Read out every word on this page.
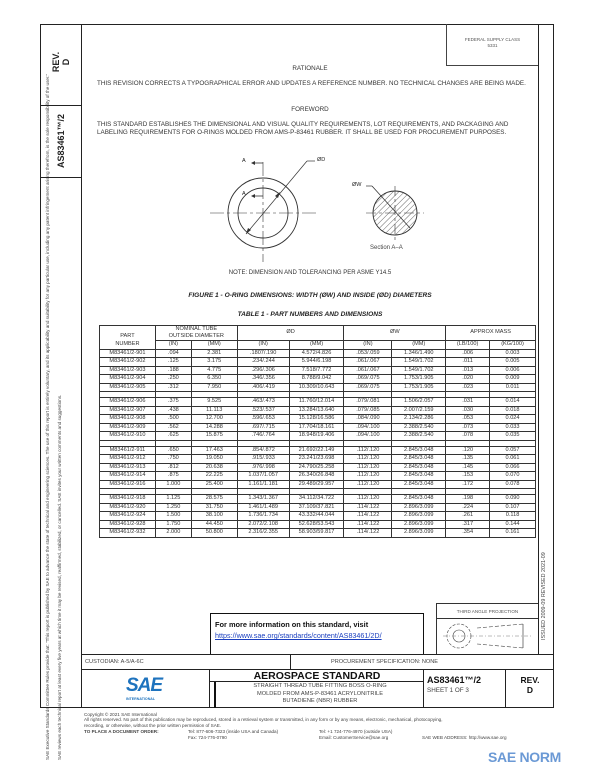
SAE Executive Standards Committee Rules provide that: "This report is published by SAE to advance the state of technical and engineering sciences. The use of this report is entirely voluntary, and its applicability and suitability for any particular use, including any patent infringement arising therefrom, is the sole responsibility of the user."	SAE reviews each technical report at least every five years at which time it may be revised, reaffirmed, stabilized, or cancelled. SAE invites your written comments and suggestions.

REV. D
AS83461™/2
FEDERAL SUPPLY CLASS
5331
RATIONALE
THIS REVISION CORRECTS A TYPOGRAPHICAL ERROR AND UPDATES A REFERENCE NUMBER. NO TECHNICAL CHANGES ARE BEING MADE.
FOREWORD
THIS STANDARD ESTABLISHES THE DIMENSIONAL AND VISUAL QUALITY REQUIREMENTS, LOT REQUIREMENTS, AND PACKAGING AND LABELING REQUIREMENTS FOR O-RINGS MOLDED FROM AMS-P-83461 RUBBER. IT SHALL BE USED FOR PROCUREMENT PURPOSES.
A
A
ØD
ØW
Section A–A
NOTE: DIMENSION AND TOLERANCING PER ASME Y14.5
FIGURE 1 - O-RING DIMENSIONS: WIDTH (ØW) AND INSIDE (ØD) DIAMETERS
TABLE 1 - PART NUMBERS AND DIMENSIONS
PART	NOMINAL TUBE
OUTSIDE DIAMETER		ØD		ØW		APPROX MASS	
NUMBER	(IN)	(MM)	(IN)	(MM)	(IN)	(MM)	(LB/100)	(KG/100)
M83461/2-901	.094	2.381	.1807/.190	4.572/4.826	.053/.059	1.346/1.490	.006	0.003
M83461/2-902	.125	3.175	.234/.244	5.944/6.198	.061/.067	1.549/1.702	.011	0.005
M83461/2-903	.188	4.775	.296/.306	7.518/7.772	.061/.067	1.549/1.702	.013	0.006
M83461/2-904	.250	6.350	.346/.356	8.788/9.042	.069/.075	1.753/1.905	.020	0.009
M83461/2-905	.312	7.950	.406/.419	10.309/10.643	.069/.075	1.753/1.905	.023	0.011

M83461/2-906	.375	9.525	.463/.473	11.760/12.014	.079/.081	1.506/2.057	.031	0.014
M83461/2-907	.438	11.113	.523/.537	13.284/13.640	.079/.085	2.007/2.159	.030	0.018
M83461/2-908	.500	12.700	.596/.653	15.128/16.586	.084/.090	2.134/2.286	.053	0.024
M83461/2-909	.562	14.288	.697/.715	17.704/18.161	.094/.100	2.388/2.540	.073	0.033
M83461/2-910	.625	15.875	.746/.764	18.948/19.406	.094/.100	2.388/2.540	.078	0.035

M83461/2-911	.650	17.463	.854/.872	21.692/22.149	.112/.120	2.845/3.048	.120	0.057
M83461/2-912	.750	19.050	.915/.933	23.241/23.698	.112/.120	2.845/3.048	.135	0.061
M83461/2-913	.812	20.638	.976/.998	24.790/25.258	.112/.120	2.845/3.048	.145	0.066
M83461/2-914	.875	22.225	1.037/1.057	26.340/26.848	.112/.120	2.845/3.048	.153	0.070
M83461/2-916	1.000	25.400	1.161/1.181	29.489/29.957	.112/.120	2.845/3.048	.172	0.078

M83461/2-918	1.125	28.575	1.343/1.367	34.112/34.722	.112/.120	2.845/3.048	.198	0.090
M83461/2-920	1.250	31.750	1.461/1.489	37.109/37.821	.114/.122	2.896/3.099	.224	0.107
M83461/2-924	1.500	38.100	1.736/1.734	43.332/44.044	.114/.122	2.896/3.099	.261	0.118
M83461/2-928	1.750	44.450	2.072/2.108	52.628/53.543	.114/.122	2.896/3.099	.317	0.144
M83461/2-932	2.000	50.800	2.316/2.355	58.903/59.817	.114/.122	2.896/3.099	.354	0.161
For more information on this standard, visit
https://www.sae.org/standards/content/AS83461/2D/
THIRD ANGLE PROJECTION	ISSUED 2009-09 REVISED 2021-09
CUSTODIAN: A-5/A-6C	PROCUREMENT SPECIFICATION: NONE
SAE
INTERNATIONAL
AEROSPACE STANDARD
STRAIGHT THREAD TUBE FITTING BOSS O-RING
MOLDED FROM AMS-P-83461 ACRYLONITRILE
BUTADIENE (NBR) RUBBER
AS83461™/2
SHEET 1 OF 3
REV.
D
Copyright © 2021 SAE International
All rights reserved. No part of this publication may be reproduced, stored in a retrieval system or transmitted, in any form or by any means, electronic, mechanical, photocopying,
recording, or otherwise, without the prior written permission of SAE.
TO PLACE A DOCUMENT ORDER:	Tel: 877-606-7323 (inside USA and Canada)
Fax: 724-776-0790
Tel: +1 724-776-4970 (outside USA)
Email: CustomerService@sae.org	SAE WEB ADDRESS: http://www.sae.org
SAE NORM
